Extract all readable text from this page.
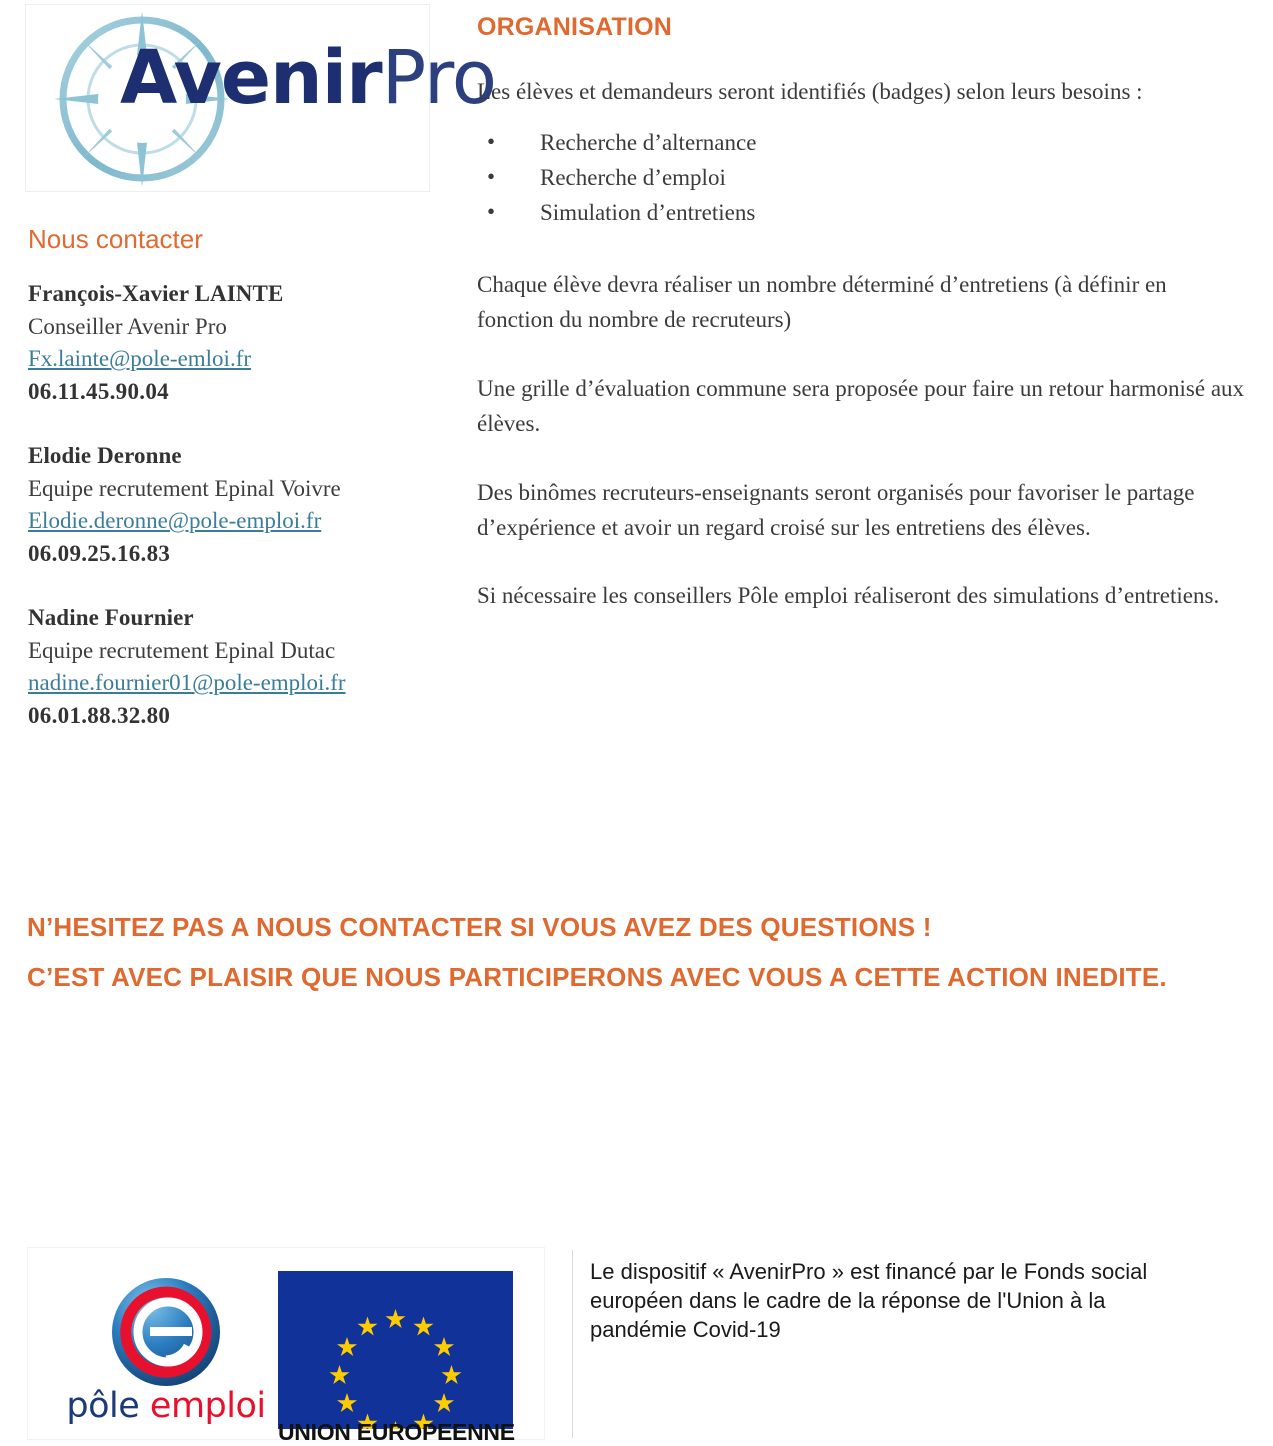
AvenirPro
Nous contacter
François-Xavier LAINTE
Conseiller Avenir Pro
Fx.lainte@pole-emloi.fr
06.11.45.90.04
Elodie Deronne
Equipe recrutement Epinal Voivre
Elodie.deronne@pole-emploi.fr
06.09.25.16.83
Nadine Fournier
Equipe recrutement Epinal Dutac
nadine.fournier01@pole-emploi.fr
06.01.88.32.80
ORGANISATION

Les élèves et demandeurs seront identifiés (badges) selon leurs besoins :

• Recherche d’alternance
• Recherche d’emploi
• Simulation d’entretiens

Chaque élève devra réaliser un nombre déterminé d’entretiens (à définir en fonction du nombre de recruteurs)

Une grille d’évaluation commune sera proposée pour faire un retour harmonisé aux élèves.

Des binômes recruteurs-enseignants seront organisés pour favoriser le partage d’expérience et avoir un regard croisé sur les entretiens des élèves.

Si nécessaire les conseillers Pôle emploi réaliseront des simulations d’entretiens.

N’HESITEZ PAS A NOUS CONTACTER SI VOUS AVEZ DES QUESTIONS !
C’EST AVEC PLAISIR QUE NOUS PARTICIPERONS AVEC VOUS A CETTE ACTION INEDITE.
pôle emploi
UNION EUROPEENNE
Le dispositif « AvenirPro » est financé par le Fonds social européen dans le cadre de la réponse de l'Union à la pandémie Covid-19
